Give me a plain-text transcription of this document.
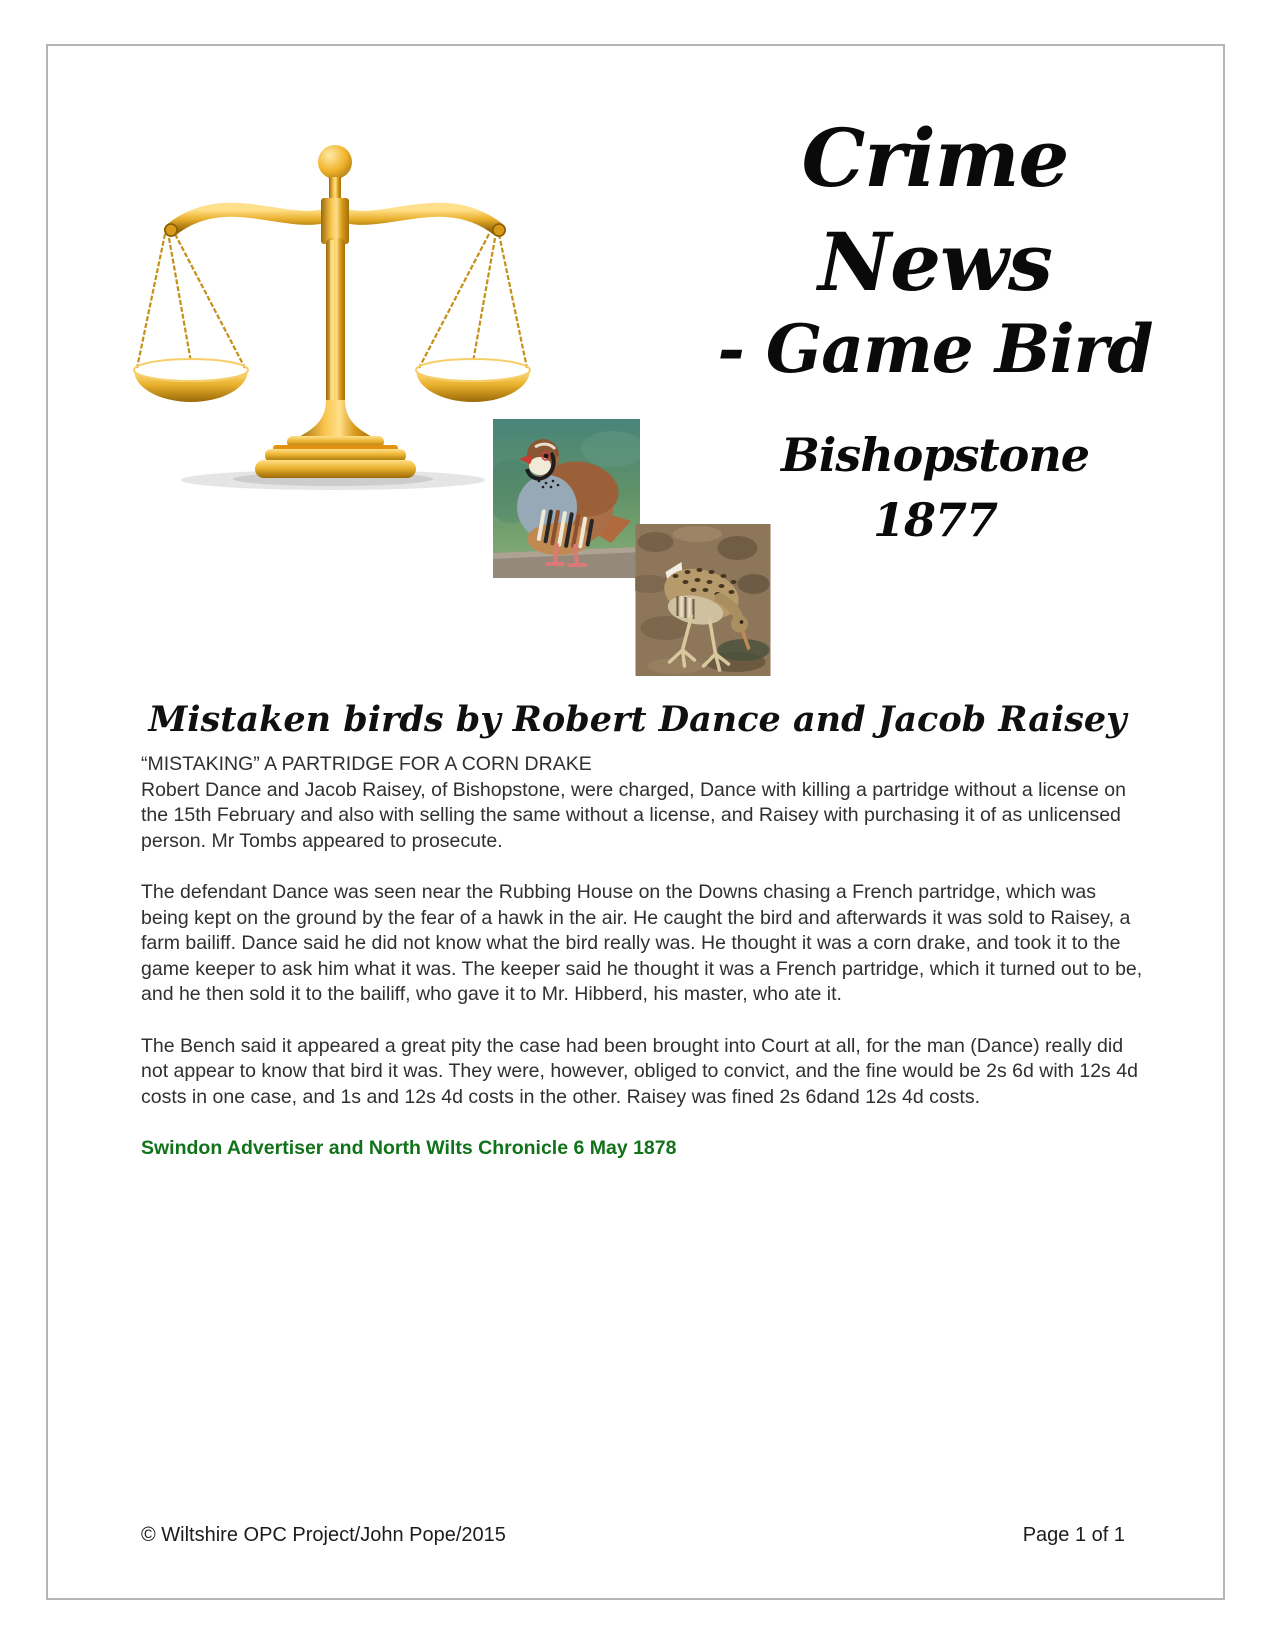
Crime
News
- Game Bird
Bishopstone
1877
Mistaken birds by Robert Dance and Jacob Raisey

“MISTAKING” A PARTRIDGE FOR A CORN DRAKE
Robert Dance and Jacob Raisey, of Bishopstone, were charged, Dance with killing a partridge without a license on the 15th February and also with selling the same without a license, and Raisey with purchasing it of as unlicensed person. Mr Tombs appeared to prosecute.

The defendant Dance was seen near the Rubbing House on the Downs chasing a French partridge, which was being kept on the ground by the fear of a hawk in the air. He caught the bird and afterwards it was sold to Raisey, a farm bailiff. Dance said he did not know what the bird really was. He thought it was a corn drake, and took it to the game keeper to ask him what it was. The keeper said he thought it was a French partridge, which it turned out to be, and he then sold it to the bailiff, who gave it to Mr. Hibberd, his master, who ate it.

The Bench said it appeared a great pity the case had been brought into Court at all, for the man (Dance) really did not appear to know that bird it was. They were, however, obliged to convict, and the fine would be 2s 6d with 12s 4d costs in one case, and 1s and 12s 4d costs in the other. Raisey was fined 2s 6dand 12s 4d costs.

Swindon Advertiser and North Wilts Chronicle 6 May 1878

© Wiltshire OPC Project/John Pope/2015	Page 1 of 1
